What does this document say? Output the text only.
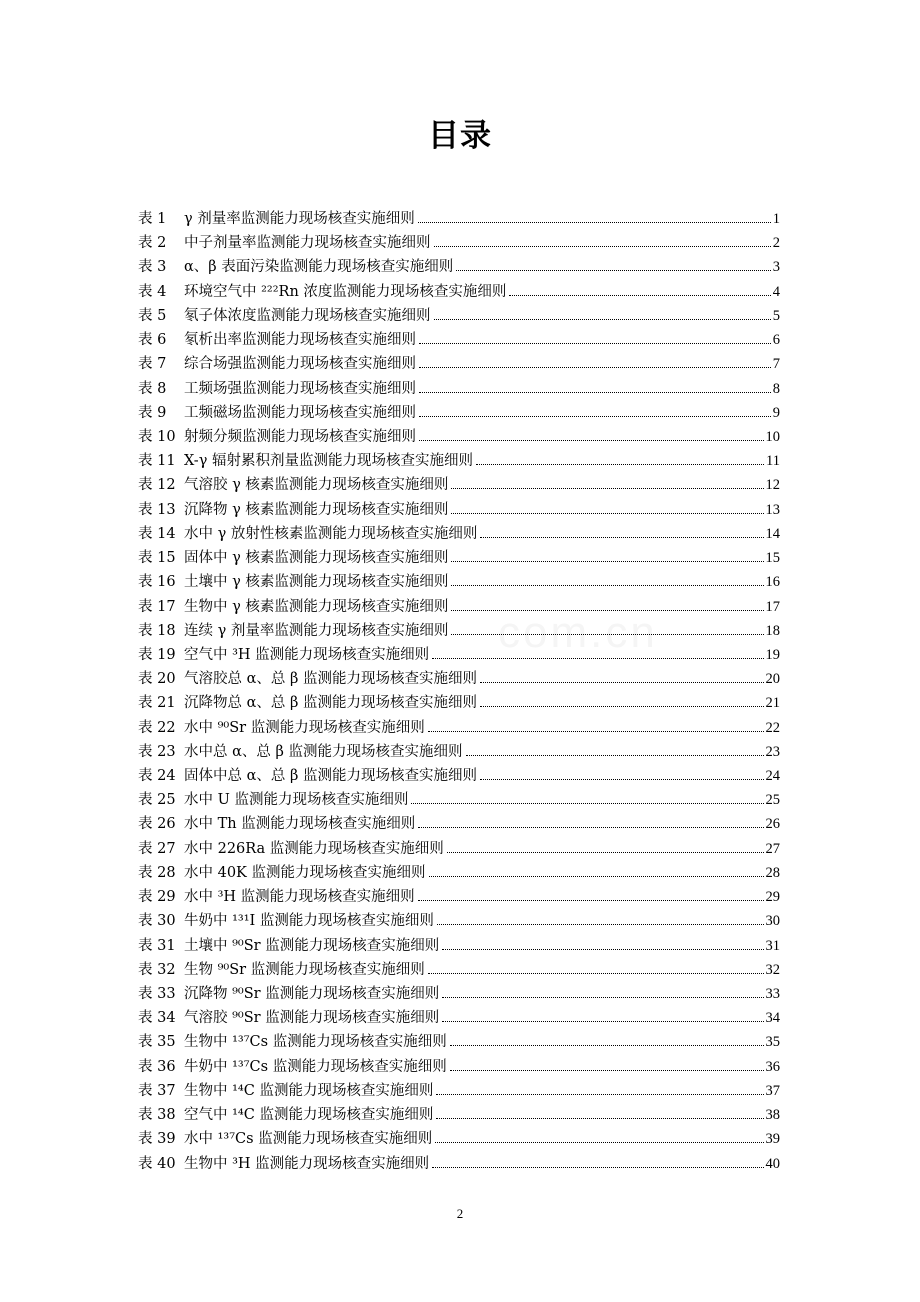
目录
com.cn
表 1 γ 剂量率监测能力现场核查实施细则	1
表 2 中子剂量率监测能力现场核查实施细则	2
表 3 α、β 表面污染监测能力现场核查实施细则	3
表 4 环境空气中 ²²²Rn 浓度监测能力现场核查实施细则	4
表 5 氡子体浓度监测能力现场核查实施细则	5
表 6 氡析出率监测能力现场核查实施细则	6
表 7 综合场强监测能力现场核查实施细则	7
表 8 工频场强监测能力现场核查实施细则	8
表 9 工频磁场监测能力现场核查实施细则	9
表 10 射频分频监测能力现场核查实施细则	10
表 11 X-γ 辐射累积剂量监测能力现场核查实施细则	11
表 12 气溶胶 γ 核素监测能力现场核查实施细则	12
表 13 沉降物 γ 核素监测能力现场核查实施细则	13
表 14 水中 γ 放射性核素监测能力现场核查实施细则	14
表 15 固体中 γ 核素监测能力现场核查实施细则	15
表 16 土壤中 γ 核素监测能力现场核查实施细则	16
表 17 生物中 γ 核素监测能力现场核查实施细则	17
表 18 连续 γ 剂量率监测能力现场核查实施细则	18
表 19 空气中 ³H 监测能力现场核查实施细则	19
表 20 气溶胶总 α、总 β 监测能力现场核查实施细则	20
表 21 沉降物总 α、总 β 监测能力现场核查实施细则	21
表 22 水中 ⁹⁰Sr 监测能力现场核查实施细则	22
表 23 水中总 α、总 β 监测能力现场核查实施细则	23
表 24 固体中总 α、总 β 监测能力现场核查实施细则	24
表 25 水中 U 监测能力现场核查实施细则	25
表 26 水中 Th 监测能力现场核查实施细则	26
表 27 水中 226Ra 监测能力现场核查实施细则	27
表 28 水中 40K 监测能力现场核查实施细则	28
表 29 水中 ³H 监测能力现场核查实施细则	29
表 30 牛奶中 ¹³¹I 监测能力现场核查实施细则	30
表 31 土壤中 ⁹⁰Sr 监测能力现场核查实施细则	31
表 32 生物 ⁹⁰Sr 监测能力现场核查实施细则	32
表 33 沉降物 ⁹⁰Sr 监测能力现场核查实施细则	33
表 34 气溶胶 ⁹⁰Sr 监测能力现场核查实施细则	34
表 35 生物中 ¹³⁷Cs 监测能力现场核查实施细则	35
表 36 牛奶中 ¹³⁷Cs 监测能力现场核查实施细则	36
表 37 生物中 ¹⁴C 监测能力现场核查实施细则	37
表 38 空气中 ¹⁴C 监测能力现场核查实施细则	38
表 39 水中 ¹³⁷Cs 监测能力现场核查实施细则	39
表 40 生物中 ³H 监测能力现场核查实施细则	40
2
